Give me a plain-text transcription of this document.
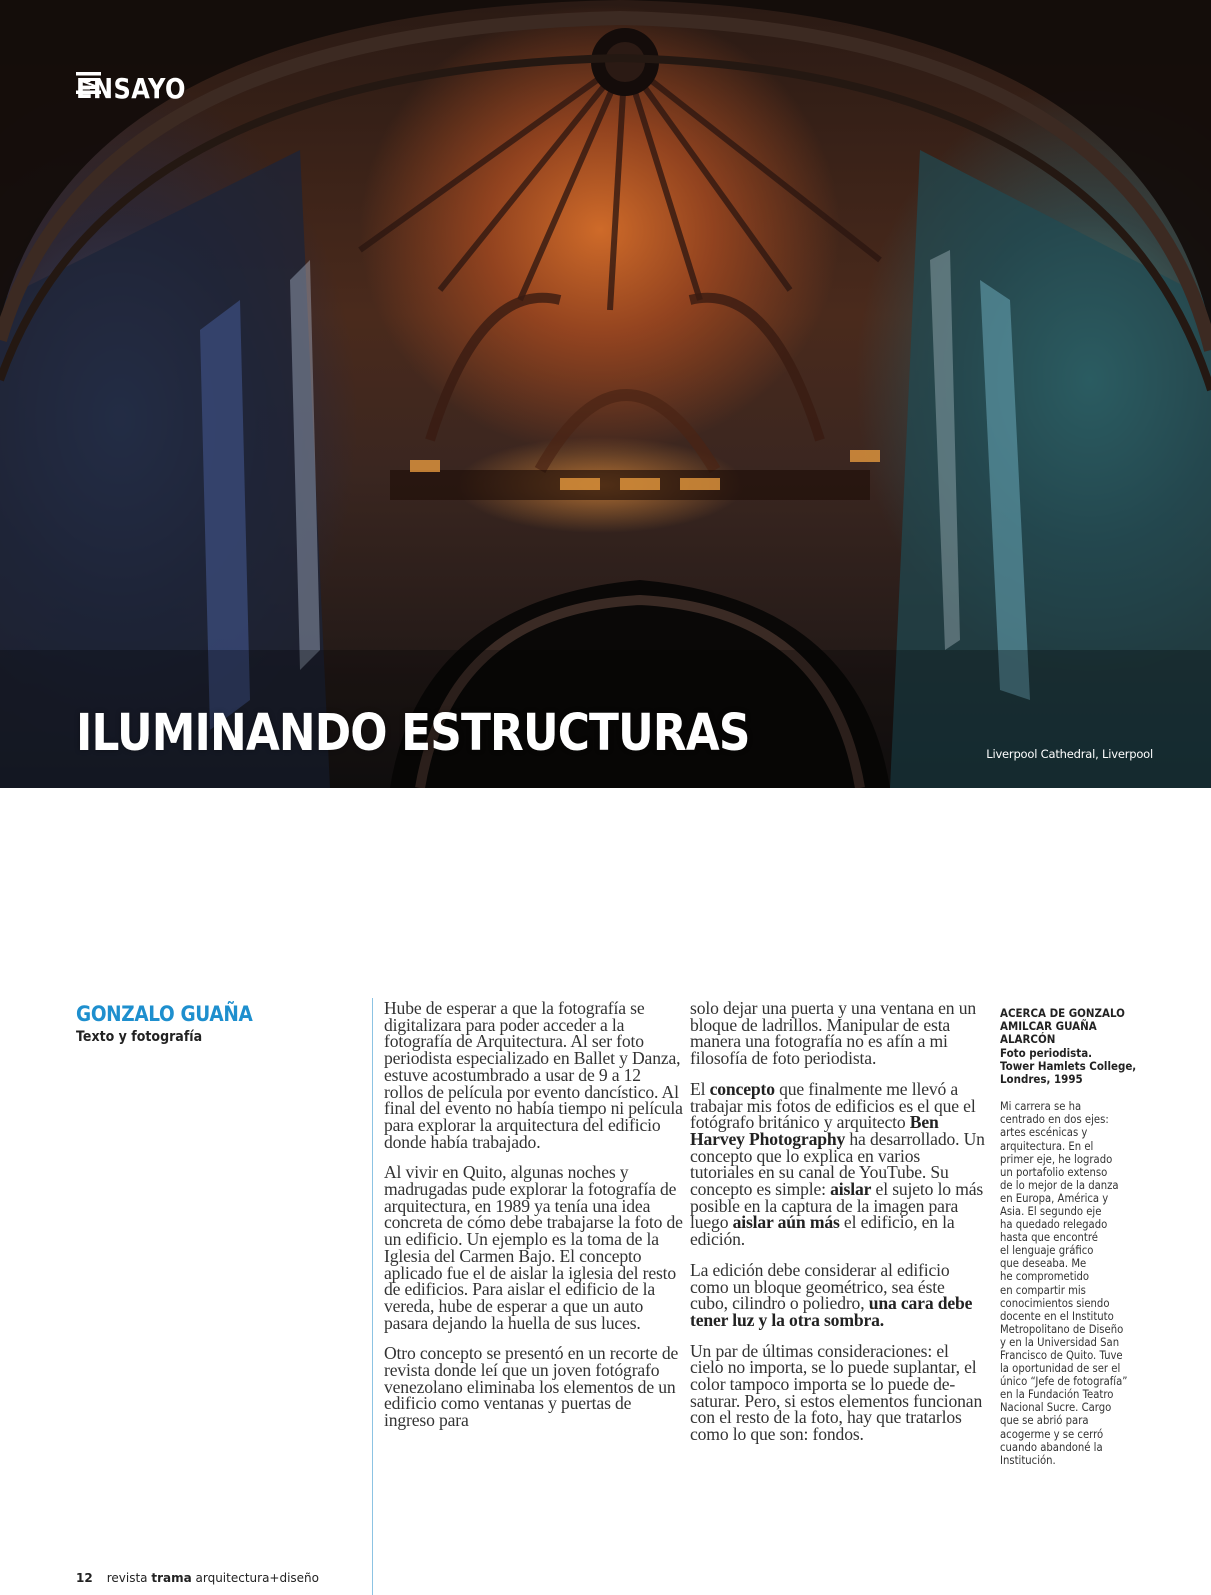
ENSAYO
ILUMINANDO ESTRUCTURAS	Liverpool Cathedral, Liverpool
GONZALO GUAÑA
Texto y fotografía

Hube de esperar a que la fotografía se digitalizara para poder acceder a la fotografía de Arquitectura. Al ser foto periodista especializado en Ballet y Danza, estuve acostumbrado a usar de 9 a 12 rollos de película por evento dancístico. Al final del evento no había tiempo ni película para explorar la arquitectura del edificio donde había trabajado.

Al vivir en Quito, algunas noches y madrugadas pude explorar la fotografía de arquitectura, en 1989 ya tenía una idea concreta de cómo debe trabajarse la foto de un edificio. Un ejemplo es la toma de la Iglesia del Carmen Bajo. El concepto aplicado fue el de aislar la iglesia del resto de edificios. Para aislar el edificio de la vereda, hube de esperar a que un auto pasara dejando la huella de sus luces.

Otro concepto se presentó en un recorte de revista donde leí que un joven fotógrafo venezolano eliminaba los elementos de un edificio como ventanas y puertas de ingreso para

solo dejar una puerta y una ventana en un bloque de ladrillos. Manipular de esta manera una fotografía no es afín a mi filosofía de foto periodista.

El concepto que finalmente me llevó a trabajar mis fotos de edificios es el que el fotógrafo británico y arquitecto Ben Harvey Photography ha desarrollado. Un concepto que lo explica en varios tutoriales en su canal de YouTube. Su concepto es simple: aislar el sujeto lo más posible en la captura de la imagen para luego aislar aún más el edificio, en la edición.

La edición debe considerar al edificio como un bloque geométrico, sea éste cubo, cilindro o poliedro, una cara debe tener luz y la otra sombra.

Un par de últimas consideraciones: el cielo no importa, se lo puede suplantar, el color tampoco importa se lo puede de-saturar. Pero, si estos elementos funcionan con el resto de la foto, hay que tratarlos como lo que son: fondos.

ACERCA DE GONZALO
AMILCAR GUAÑA
ALARCÓN
Foto periodista.
Tower Hamlets College,
Londres, 1995

Mi carrera se ha
centrado en dos ejes:
artes escénicas y
arquitectura. En el
primer eje, he logrado
un portafolio extenso
de lo mejor de la danza
en Europa, América y
Asia. El segundo eje
ha quedado relegado
hasta que encontré
el lenguaje gráfico
que deseaba. Me
he comprometido
en compartir mis
conocimientos siendo
docente en el Instituto
Metropolitano de Diseño
y en la Universidad San
Francisco de Quito. Tuve
la oportunidad de ser el
único “Jefe de fotografía”
en la Fundación Teatro
Nacional Sucre. Cargo
que se abrió para
acogerme y se cerró
cuando abandoné la
Institución.

12 revista trama arquitectura+diseño
